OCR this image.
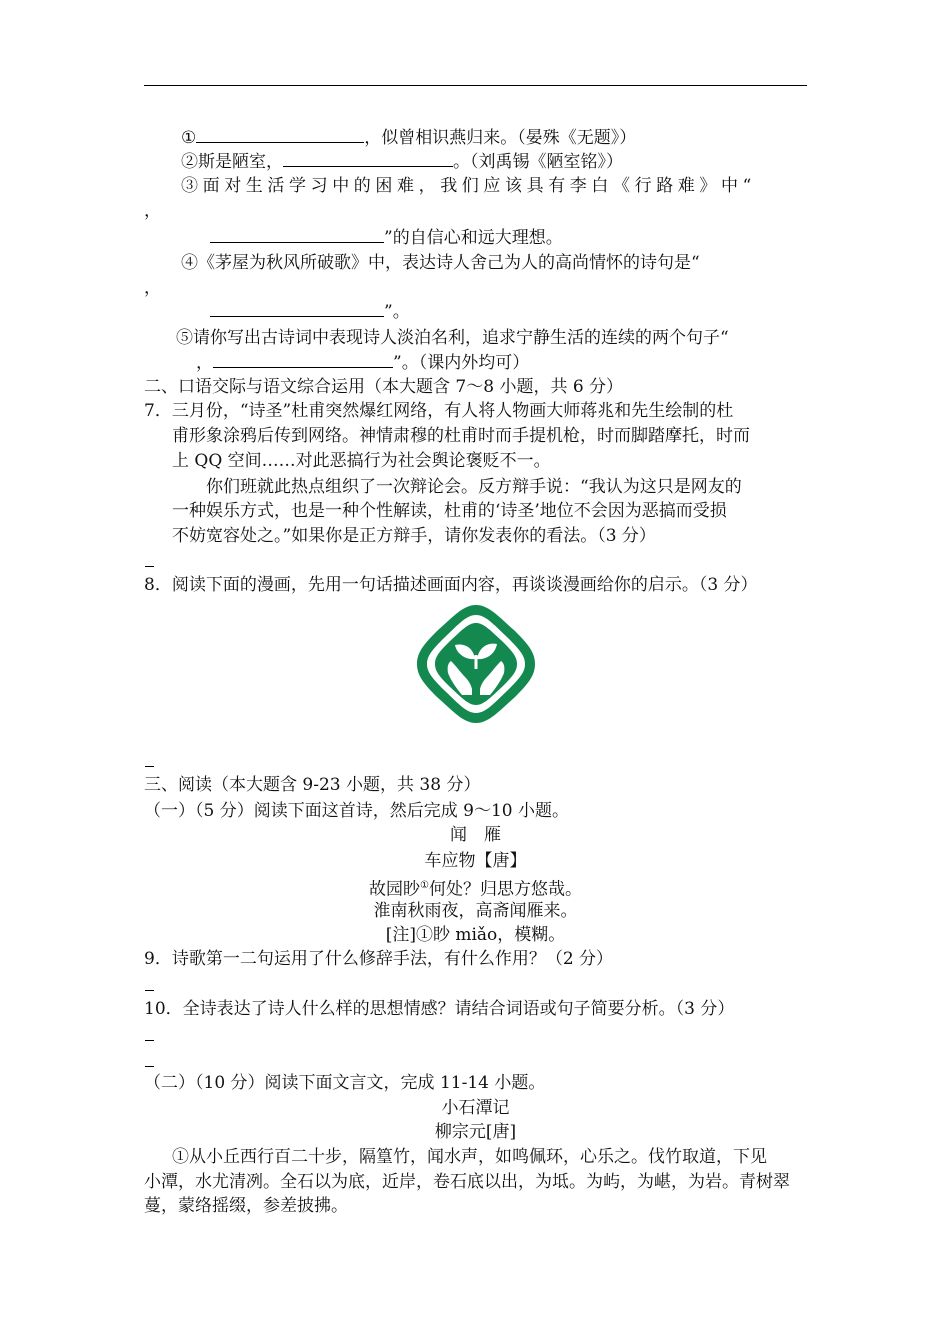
①	，似曾相识燕归来。（晏殊《无题》）
②斯是陋室，	。（刘禹锡《陋室铭》）
③面对生活学习中的困难，我们应该具有李白《行路难》中“
，
”的自信心和远大理想。
④《茅屋为秋风所破歌》中，表达诗人舍己为人的高尚情怀的诗句是“
，
”。
⑤请你写出古诗词中表现诗人淡泊名利，追求宁静生活的连续的两个句子“
，	”。（课内外均可）
二、口语交际与语文综合运用（本大题含 7～8 小题，共 6 分）
7．三月份，“诗圣”杜甫突然爆红网络，有人将人物画大师蒋兆和先生绘制的杜
甫形象涂鸦后传到网络。神情肃穆的杜甫时而手提机枪，时而脚踏摩托，时而
上 QQ 空间……对此恶搞行为社会舆论褒贬不一。
你们班就此热点组织了一次辩论会。反方辩手说：“我认为这只是网友的
一种娱乐方式，也是一种个性解读，杜甫的‘诗圣’地位不会因为恶搞而受损
不妨宽容处之。”如果你是正方辩手，请你发表你的看法。（3 分）
8．阅读下面的漫画，先用一句话描述画面内容，再谈谈漫画给你的启示。（3 分）
三、阅读（本大题含 9-23 小题，共 38 分）
（一）（5 分）阅读下面这首诗，然后完成 9～10 小题。
闻　雁
车应物【唐】
故园眇①何处？归思方悠哉。
淮南秋雨夜，高斋闻雁来。
[注]①眇 miǎo，模糊。
9．诗歌第一二句运用了什么修辞手法，有什么作用？（2 分）
10．全诗表达了诗人什么样的思想情感？请结合词语或句子简要分析。（3 分）
（二）（10 分）阅读下面文言文，完成 11-14 小题。
小石潭记
柳宗元[唐]
①从小丘西行百二十步，隔篁竹，闻水声，如鸣佩环，心乐之。伐竹取道，下见
小潭，水尤清冽。全石以为底，近岸，卷石底以出，为坻。为屿，为嵁，为岩。青树翠
蔓，蒙络摇缀，参差披拂。
